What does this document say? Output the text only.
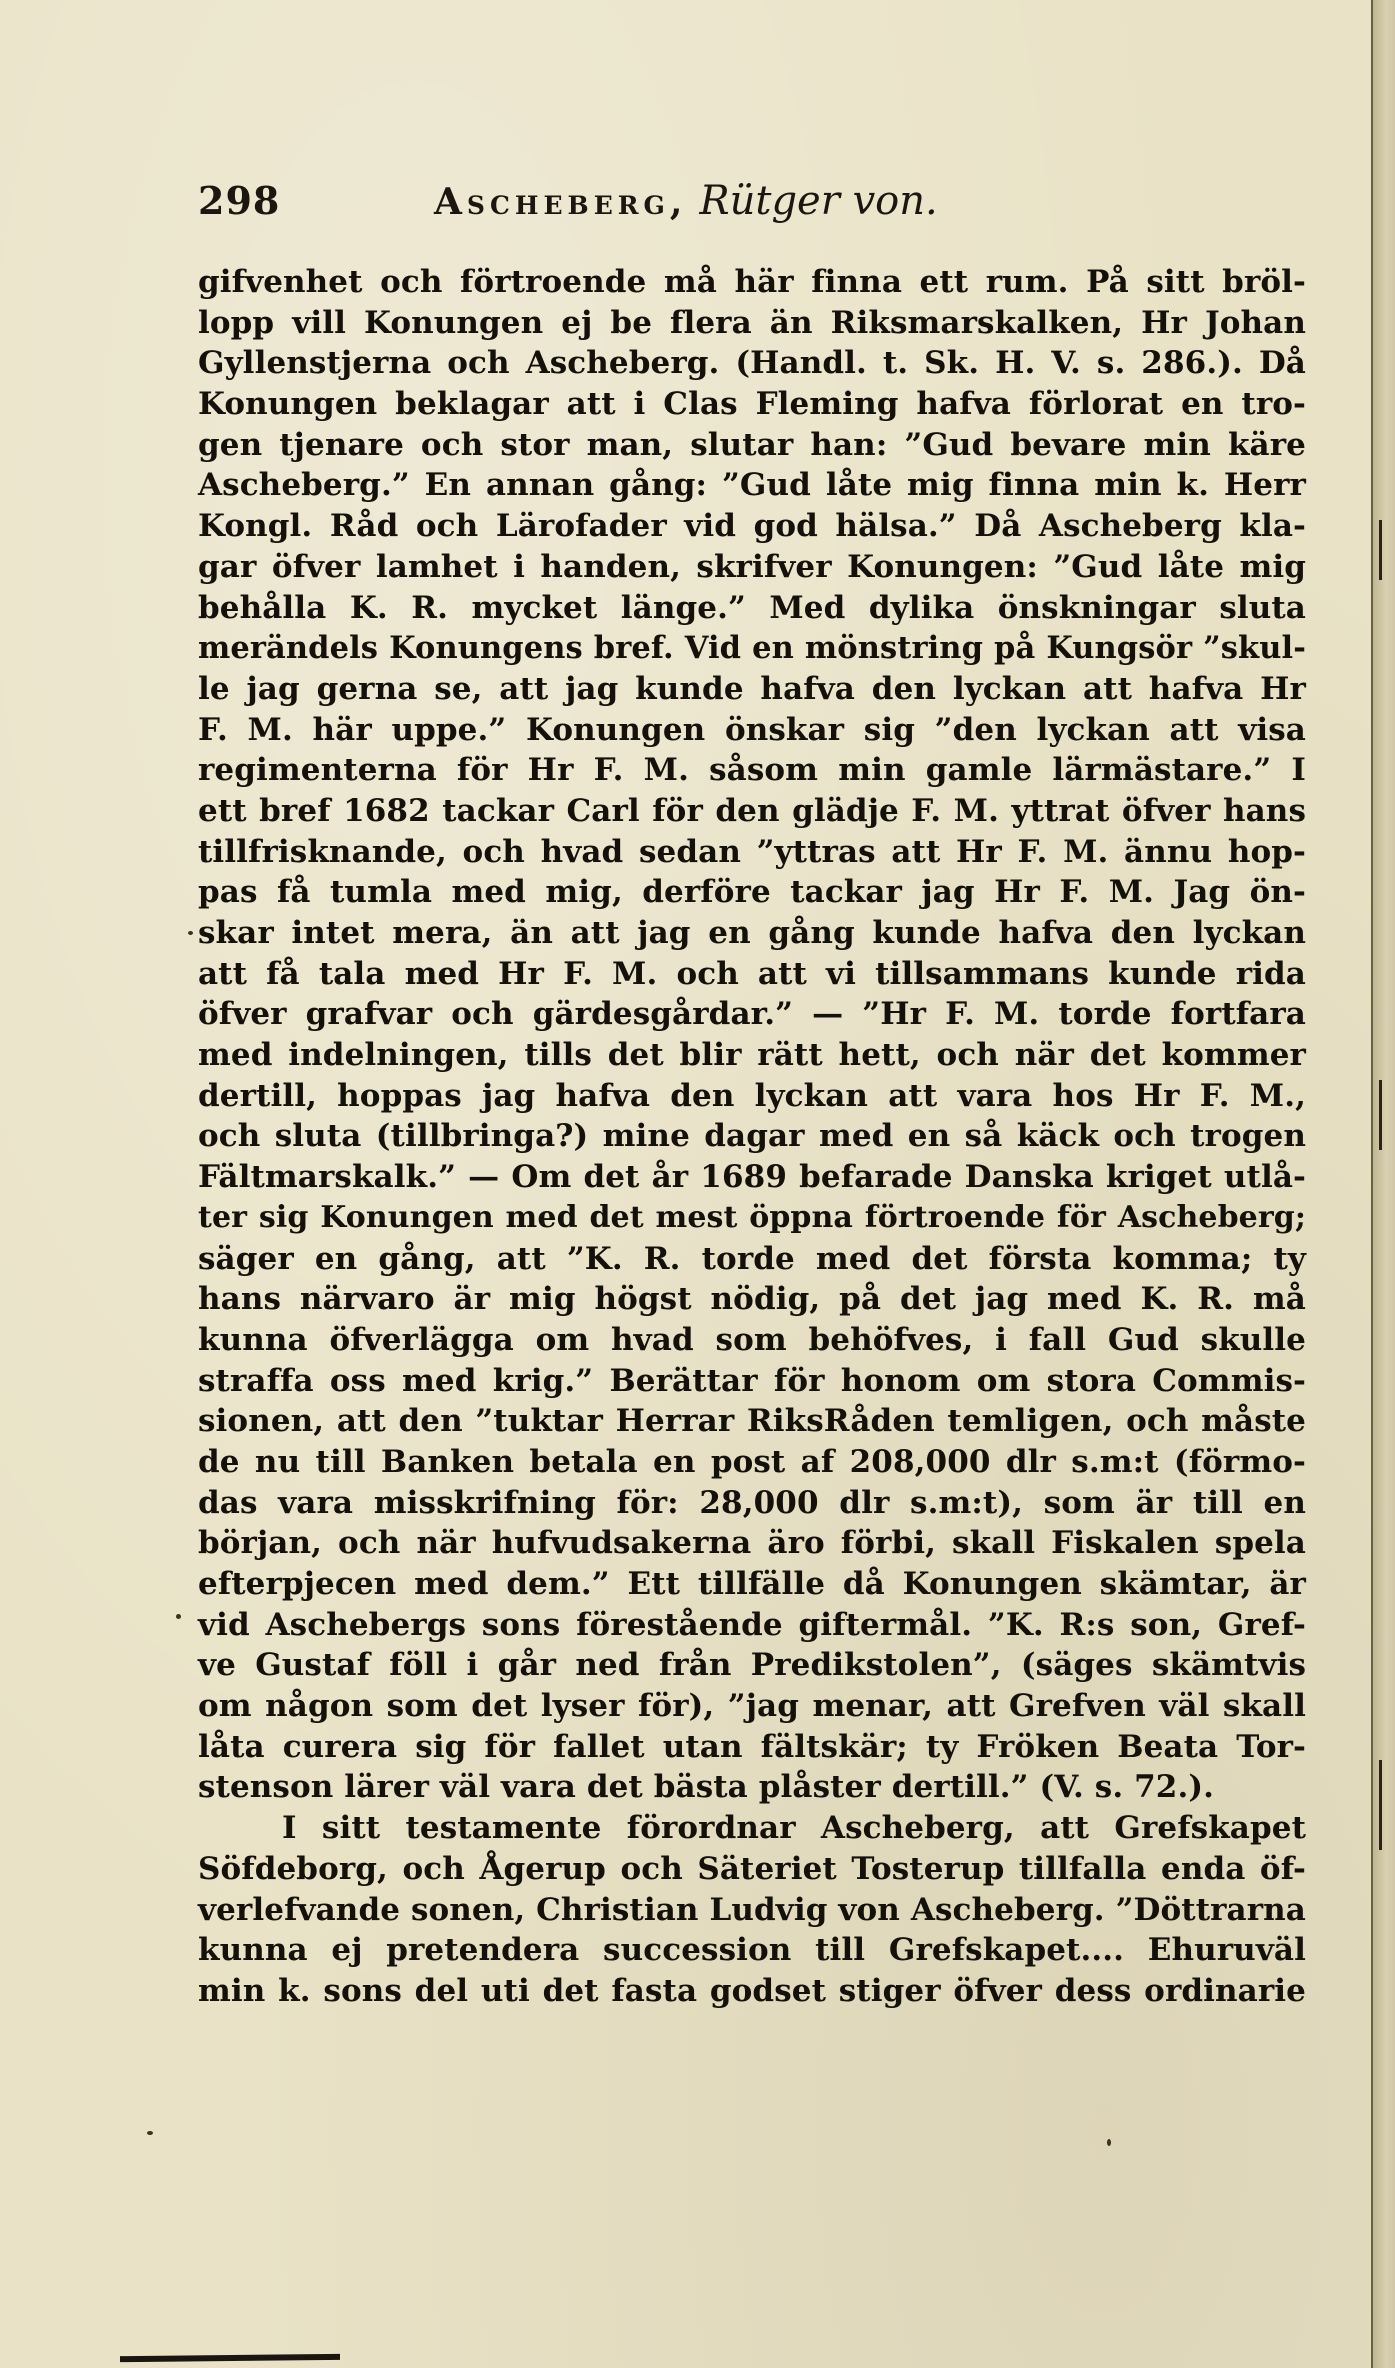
298	Ascheberg, Rütger von.
gifvenhet och förtroende må här finna ett rum. På sitt bröl-
lopp vill Konungen ej be flera än Riksmarskalken, Hr Johan
Gyllenstjerna och Ascheberg. (Handl. t. Sk. H. V. s. 286.). Då
Konungen beklagar att i Clas Fleming hafva förlorat en tro-
gen tjenare och stor man, slutar han: ”Gud bevare min käre
Ascheberg.” En annan gång: ”Gud låte mig finna min k. Herr
Kongl. Råd och Lärofader vid god hälsa.” Då Ascheberg kla-
gar öfver lamhet i handen, skrifver Konungen: ”Gud låte mig
behålla K. R. mycket länge.” Med dylika önskningar sluta
merändels Konungens bref. Vid en mönstring på Kungsör ”skul-
le jag gerna se, att jag kunde hafva den lyckan att hafva Hr
F. M. här uppe.” Konungen önskar sig ”den lyckan att visa
regimenterna för Hr F. M. såsom min gamle lärmästare.” I
ett bref 1682 tackar Carl för den glädje F. M. yttrat öfver hans
tillfrisknande, och hvad sedan ”yttras att Hr F. M. ännu hop-
pas få tumla med mig, derföre tackar jag Hr F. M. Jag ön-
skar intet mera, än att jag en gång kunde hafva den lyckan
att få tala med Hr F. M. och att vi tillsammans kunde rida
öfver grafvar och gärdesgårdar.” — ”Hr F. M. torde fortfara
med indelningen, tills det blir rätt hett, och när det kommer
dertill, hoppas jag hafva den lyckan att vara hos Hr F. M.,
och sluta (tillbringa?) mine dagar med en så käck och trogen
Fältmarskalk.” — Om det år 1689 befarade Danska kriget utlå-
ter sig Konungen med det mest öppna förtroende för Ascheberg;
säger en gång, att ”K. R. torde med det första komma; ty
hans närvaro är mig högst nödig, på det jag med K. R. må
kunna öfverlägga om hvad som behöfves, i fall Gud skulle
straffa oss med krig.” Berättar för honom om stora Commis-
sionen, att den ”tuktar Herrar RiksRåden temligen, och måste
de nu till Banken betala en post af 208,000 dlr s.m:t (förmo-
das vara misskrifning för: 28,000 dlr s.m:t), som är till en
början, och när hufvudsakerna äro förbi, skall Fiskalen spela
efterpjecen med dem.” Ett tillfälle då Konungen skämtar, är
vid Aschebergs sons förestående giftermål. ”K. R:s son, Gref-
ve Gustaf föll i går ned från Predikstolen”, (säges skämtvis
om någon som det lyser för), ”jag menar, att Grefven väl skall
låta curera sig för fallet utan fältskär; ty Fröken Beata Tor-
stenson lärer väl vara det bästa plåster dertill.” (V. s. 72.).
I sitt testamente förordnar Ascheberg, att Grefskapet
Söfdeborg, och Ågerup och Säteriet Tosterup tillfalla enda öf-
verlefvande sonen, Christian Ludvig von Ascheberg. ”Döttrarna
kunna ej pretendera succession till Grefskapet.... Ehuruväl
min k. sons del uti det fasta godset stiger öfver dess ordinarie
